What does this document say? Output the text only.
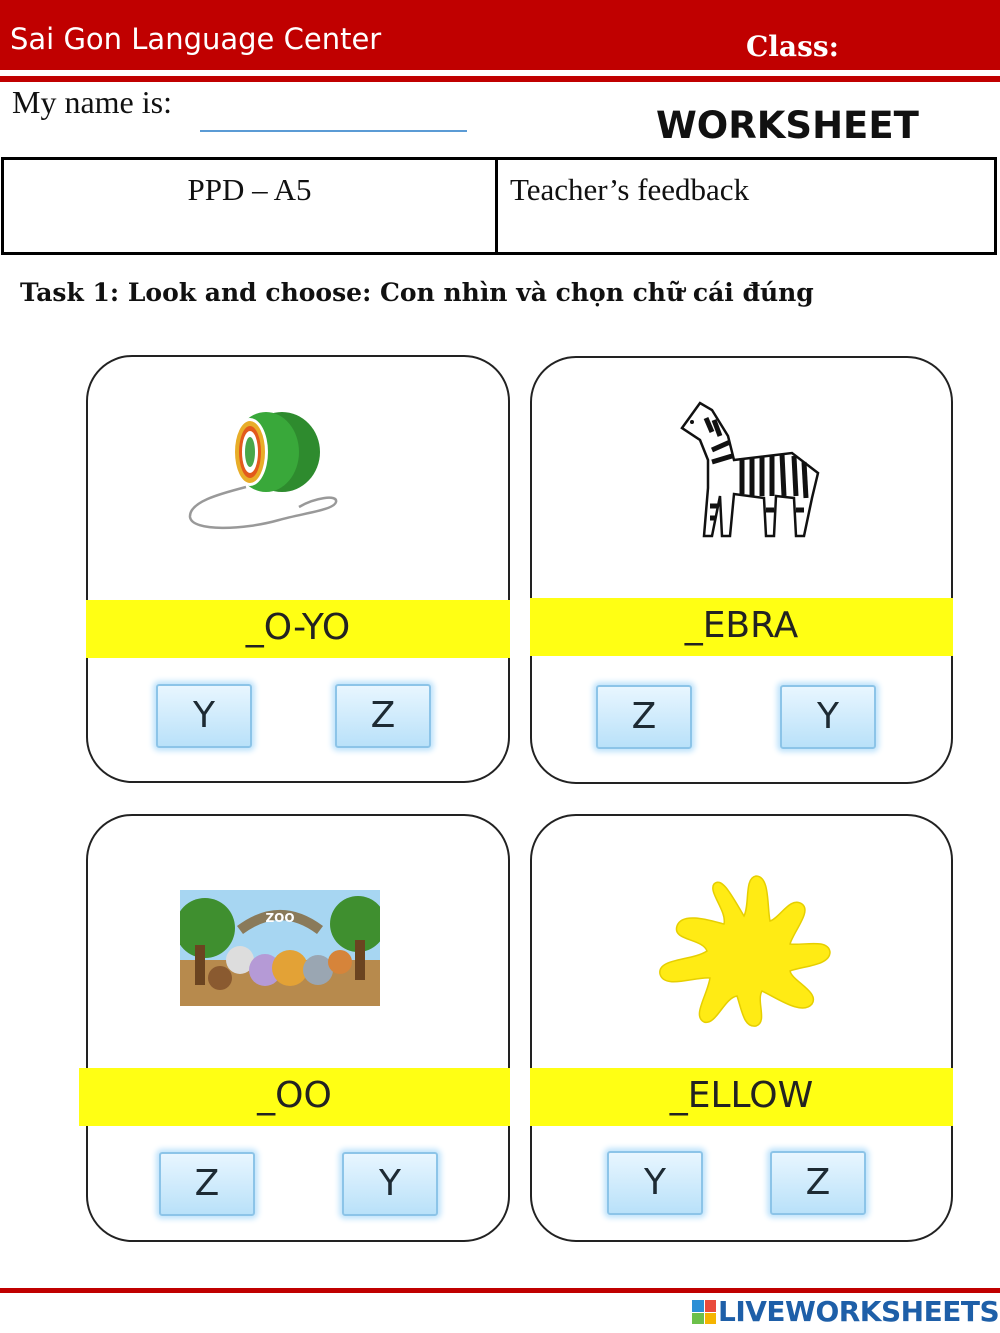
Sai Gon Language Center	Class:
My name is:
WORKSHEET
PPD – A5	Teacher’s feedback
Task 1: Look and choose: Con nhìn và chọn chữ cái đúng
ZOO
_O-YO	_EBRA
_OO	_ELLOW
Y	Z	Z	Y
Z	Y	Y	Z
LIVEWORKSHEETS
